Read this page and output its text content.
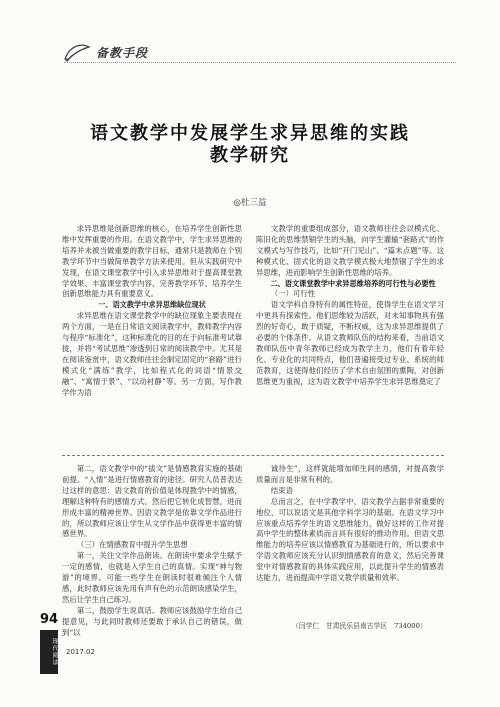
备教手段
语文教学中发展学生求异思维的实践
教学研究
◎杜三益

求异思维是创新思维的核心，在培养学生创新性思维中发挥重要的作用。在语文教学中，学生求异思维的培养并未被当做重要的教学目标，通常只是教师在个别教学环节中当做简单教学方法来使用。但从实践研究中发现，在语文课堂教学中引入求异思维对于提高课堂教学效果、丰富课堂教学内容、完善教学环节、培养学生创新思维能力具有重要意义。

一、语文教学中求异思维缺位现状

求异思维在语文课堂教学中的缺位现象主要表现在两个方面，一是在日常语文阅读教学中，教师教学内容与程序“标准化”，这种标准化的目的在于向标准考试靠拢，并将“考试思维”渗透到日常的阅读教学中。尤其是在阅读鉴赏中，语文教师往往会制定固定的“套路”进行模式化“满练”教学，比如程式化的词语“情景交融”、“寓情于景”、“以动衬静”等。另一方面，写作教学作为语

文教学的重要组成部分，语文教师往往会以模式化、陈旧化的思维禁锢学生的头脑，向学生灌输“套路式”的作文模式与写作技巧，比如“开门见山”、“篇末点题”等。这种模式化、固式化的语文教学模式极大地禁锢了学生的求异思维，进而影响学生创新性思维的培养。

二、语文课堂教学中求异思维培养的可行性与必要性

（一）可行性

语文学科自身特有的属性特征，使得学生在语文学习中更具有探索性。他们思维较为活跃，对未知事物具有强烈的好奇心，敢于质疑，不断权威，这为求异思维提供了必要的个体条件。从语文教师队伍的结构来看，当前语文教师队伍中青年教师已经成为教学主力，他们有着年轻化、专业化的共同特点，他们普遍接受过专业、系统的师范教育，这使得他们经历了学术自由氛围的熏陶，对创新思维更为重视，这为语文教学中培养学生求异思维奠定了

第二，语文教学中的“拔文”是情感教育实施的基础前提。“入情”是进行情感教育的途径。研究人员普表达过这样的意思：语文教育的价值是体现教学中的情感，理解这种特有的感情方式，然后把它转化成智慧，进而形成丰富的精神世界。因语文教学是依靠文学作品进行的，所以教师应该让学生从文学作品中获得更丰富的情感世界。

（三）在情感教育中提升学生思想

第一，关注文学作品朗读。在朗读中要求学生赋予一定的感情，也就是入学生自己的真情。实现“神与物游”的境界。可能一些学生在朗读时很难倾注个人情感，此时教师应该先用有声有色的示范朗读感染学生，然后让学生自己练习。

第二，鼓励学生说真话。教师应该鼓励学生给自己提意见，与此同时教师还要敢于承认自己的错误，做到“以

诚待生”，这样就能增加师生间的感情，对提高教学质量而言是非常有利的。

结束语

总而言之，在中学教学中，语文教学占据非常重要的地位，可以说语文是其他学科学习的基础。在语文学习中应该重点培养学生的语文思维能力，做好这样的工作对提高中学生的整体素质而言具有很好的推动作用。但语文思维能力的培养应该以情感教育为基础进行的，所以要求中学语文教师应该充分认识到情感教育的意义，然后完善课堂中对情感教育的具体实践应用，以此提升学生的情感表达能力，进而提高中学语文教学质量和效率。

（闫学仁　甘肃民乐县南古学区　734000）
94
现代阅读 2017.02
